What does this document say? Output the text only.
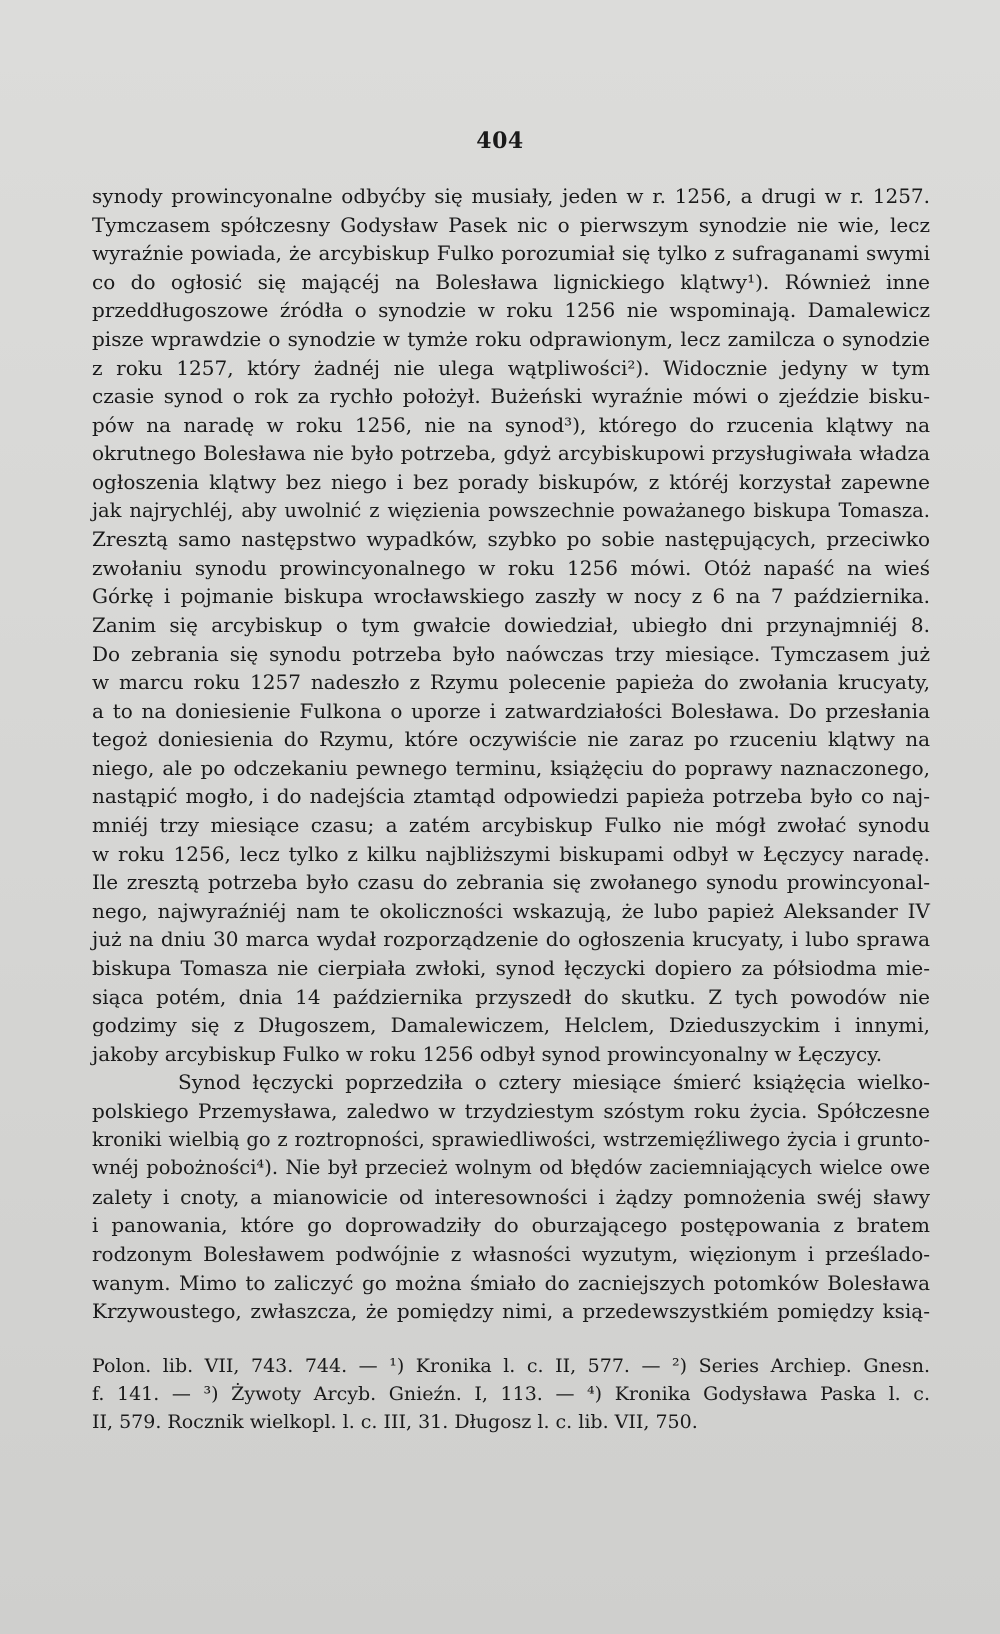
404
synody prowincyonalne odbyćby się musiały, jeden w r. 1256, a drugi w r. 1257.
Tymczasem spółczesny Godysław Pasek nic o pierwszym synodzie nie wie, lecz
wyraźnie powiada, że arcybiskup Fulko porozumiał się tylko z sufraganami swymi
co do ogłosić się mającéj na Bolesława lignickiego klątwy¹). Również inne
przeddługoszowe źródła o synodzie w roku 1256 nie wspominają. Damalewicz
pisze wprawdzie o synodzie w tymże roku odprawionym, lecz zamilcza o synodzie
z roku 1257, który żadnéj nie ulega wątpliwości²). Widocznie jedyny w tym
czasie synod o rok za rychło położył. Bużeński wyraźnie mówi o zjeździe bisku-
pów na naradę w roku 1256, nie na synod³), którego do rzucenia klątwy na
okrutnego Bolesława nie było potrzeba, gdyż arcybiskupowi przysługiwała władza
ogłoszenia klątwy bez niego i bez porady biskupów, z któréj korzystał zapewne
jak najrychléj, aby uwolnić z więzienia powszechnie poważanego biskupa Tomasza.
Zresztą samo następstwo wypadków, szybko po sobie następujących, przeciwko
zwołaniu synodu prowincyonalnego w roku 1256 mówi. Otóż napaść na wieś
Górkę i pojmanie biskupa wrocławskiego zaszły w nocy z 6 na 7 października.
Zanim się arcybiskup o tym gwałcie dowiedział, ubiegło dni przynajmniéj 8.
Do zebrania się synodu potrzeba było naówczas trzy miesiące. Tymczasem już
w marcu roku 1257 nadeszło z Rzymu polecenie papieża do zwołania krucyaty,
a to na doniesienie Fulkona o uporze i zatwardziałości Bolesława. Do przesłania
tegoż doniesienia do Rzymu, które oczywiście nie zaraz po rzuceniu klątwy na
niego, ale po odczekaniu pewnego terminu, książęciu do poprawy naznaczonego,
nastąpić mogło, i do nadejścia ztamtąd odpowiedzi papieża potrzeba było co naj-
mniéj trzy miesiące czasu; a zatém arcybiskup Fulko nie mógł zwołać synodu
w roku 1256, lecz tylko z kilku najbliższymi biskupami odbył w Łęczycy naradę.
Ile zresztą potrzeba było czasu do zebrania się zwołanego synodu prowincyonal-
nego, najwyraźniéj nam te okoliczności wskazują, że lubo papież Aleksander IV
już na dniu 30 marca wydał rozporządzenie do ogłoszenia krucyaty, i lubo sprawa
biskupa Tomasza nie cierpiała zwłoki, synod łęczycki dopiero za półsiodma mie-
siąca potém, dnia 14 października przyszedł do skutku. Z tych powodów nie
godzimy się z Długoszem, Damalewiczem, Helclem, Dzieduszyckim i innymi,
jakoby arcybiskup Fulko w roku 1256 odbył synod prowincyonalny w Łęczycy.
Synod łęczycki poprzedziła o cztery miesiące śmierć książęcia wielko-
polskiego Przemysława, zaledwo w trzydziestym szóstym roku życia. Spółczesne
kroniki wielbią go z roztropności, sprawiedliwości, wstrzemięźliwego życia i grunto-
wnéj pobożności⁴). Nie był przecież wolnym od błędów zaciemniających wielce owe
zalety i cnoty, a mianowicie od interesowności i żądzy pomnożenia swéj sławy
i panowania, które go doprowadziły do oburzającego postępowania z bratem
rodzonym Bolesławem podwójnie z własności wyzutym, więzionym i prześlado-
wanym. Mimo to zaliczyć go można śmiało do zacniejszych potomków Bolesława
Krzywoustego, zwłaszcza, że pomiędzy nimi, a przedewszystkiém pomiędzy ksią-
Polon. lib. VII, 743. 744. — ¹) Kronika l. c. II, 577. — ²) Series Archiep. Gnesn.
f. 141. — ³) Żywoty Arcyb. Gnieźn. I, 113. — ⁴) Kronika Godysława Paska l. c.
II, 579. Rocznik wielkopl. l. c. III, 31. Długosz l. c. lib. VII, 750.
